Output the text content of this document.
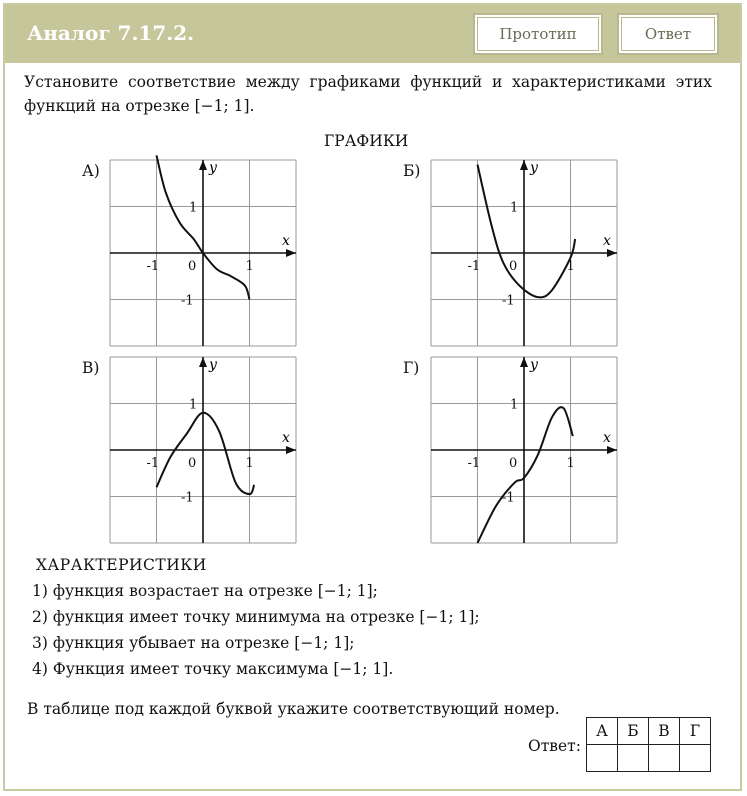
Аналог 7.17.2.	Прототип	Ответ
Установите соответствие между графиками функций и характеристиками этих функций на отрезке [−1; 1].
ГРАФИКИ
А)
x
y
-1 0	1
1
-1
Б)
x
y
-1 0	1
1
-1
В)
x
y
-1 0	1
1
-1
Г)
x
y
-1 0	1
1
-1
ХАРАКТЕРИСТИКИ
1) функция возрастает на отрезке [−1; 1];
2) функция имеет точку минимума на отрезке [−1; 1];
3) функция убывает на отрезке [−1; 1];
4) Функция имеет точку максимума [−1; 1].
В таблице под каждой буквой укажите соответствующий номер.
Ответ:
А	Б	В	Г
